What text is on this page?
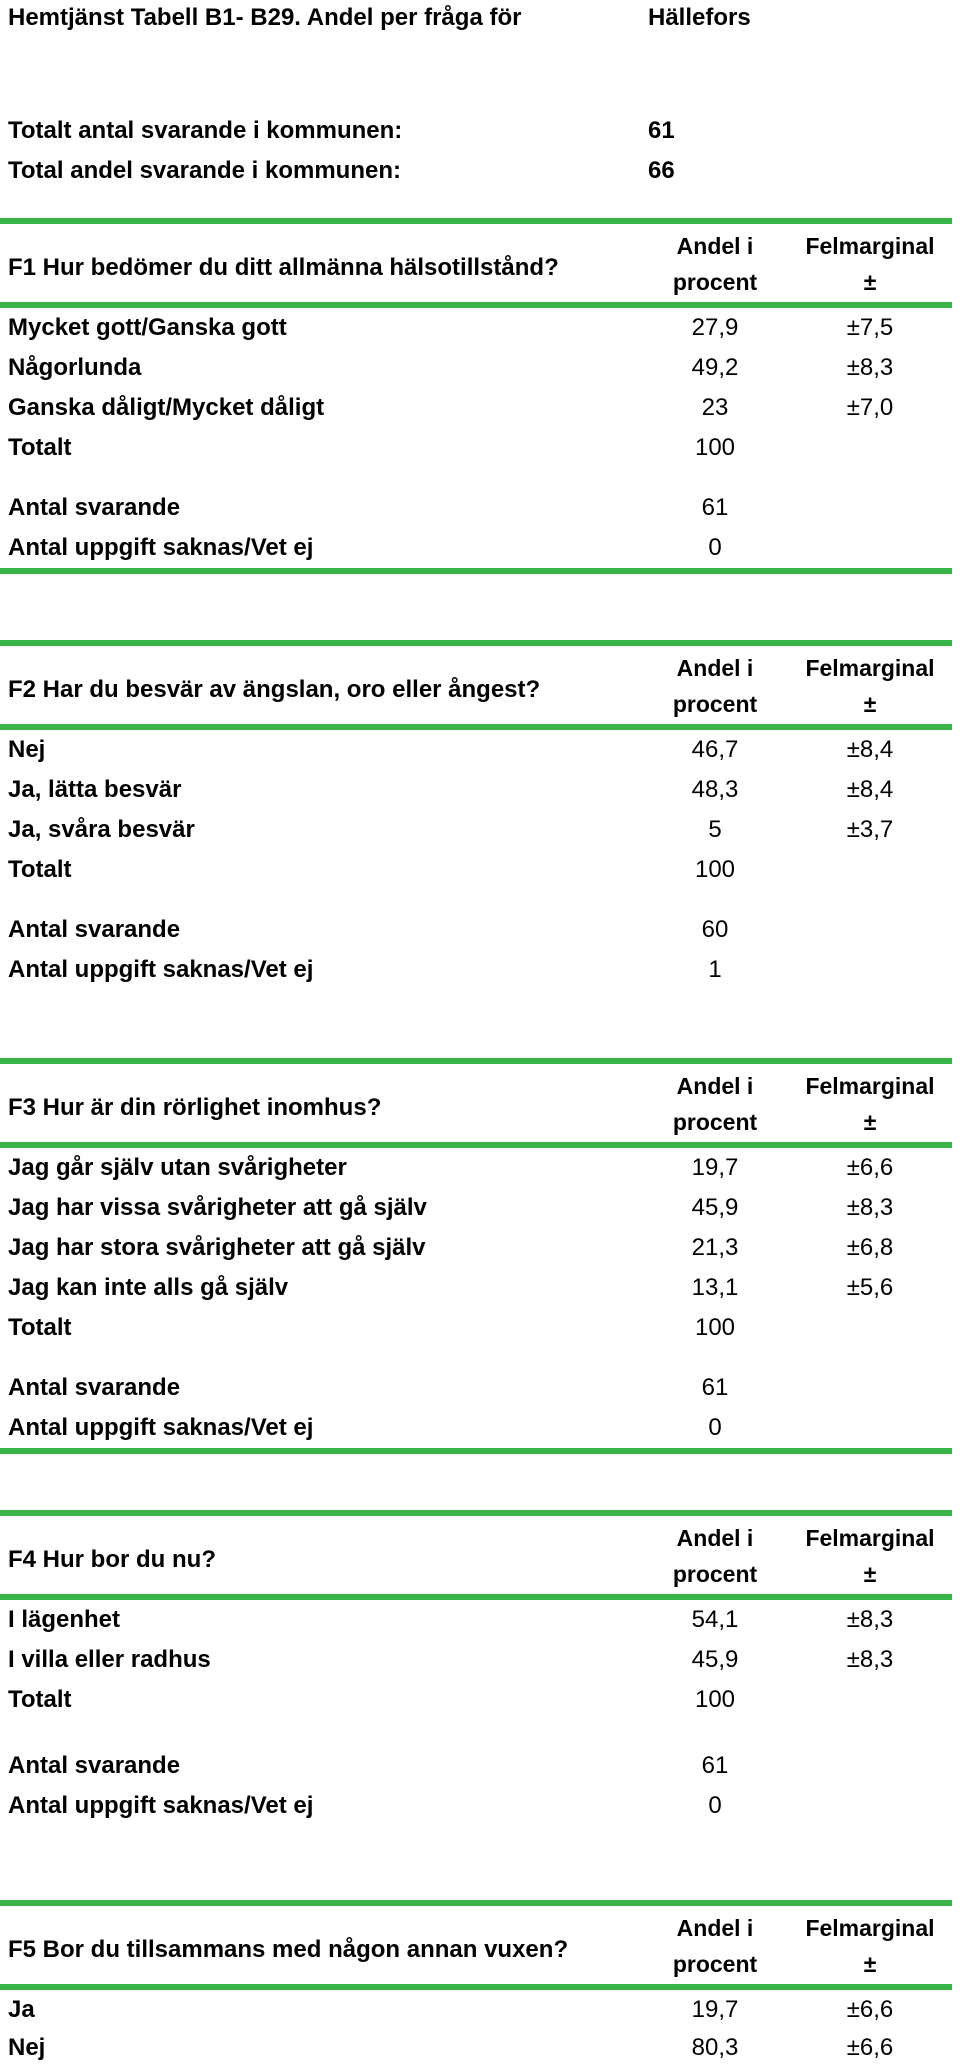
Hemtjänst Tabell B1- B29. Andel per fråga för	Hällefors
Totalt antal svarande i kommunen:	61
Total andel svarande i kommunen:	66
F1 Hur bedömer du ditt allmänna hälsotillstånd?
Andel i
procent
Felmarginal
±
Mycket gott/Ganska gott	27,9	±7,5
Någorlunda	49,2	±8,3
Ganska dåligt/Mycket dåligt	23	±7,0
Totalt	100
Antal svarande	61
Antal uppgift saknas/Vet ej	0
F2 Har du besvär av ängslan, oro eller ångest?
Andel i
procent
Felmarginal
±
Nej	46,7	±8,4
Ja, lätta besvär	48,3	±8,4
Ja, svåra besvär	5	±3,7
Totalt	100
Antal svarande	60
Antal uppgift saknas/Vet ej	1
F3 Hur är din rörlighet inomhus?
Andel i
procent
Felmarginal
±
Jag går själv utan svårigheter	19,7	±6,6
Jag har vissa svårigheter att gå själv	45,9	±8,3
Jag har stora svårigheter att gå själv	21,3	±6,8
Jag kan inte alls gå själv	13,1	±5,6
Totalt	100
Antal svarande	61
Antal uppgift saknas/Vet ej	0
F4 Hur bor du nu?
Andel i
procent
Felmarginal
±
I lägenhet	54,1	±8,3
I villa eller radhus	45,9	±8,3
Totalt	100
Antal svarande	61
Antal uppgift saknas/Vet ej	0
F5 Bor du tillsammans med någon annan vuxen?
Andel i
procent
Felmarginal
±
Ja	19,7	±6,6
Nej	80,3	±6,6
